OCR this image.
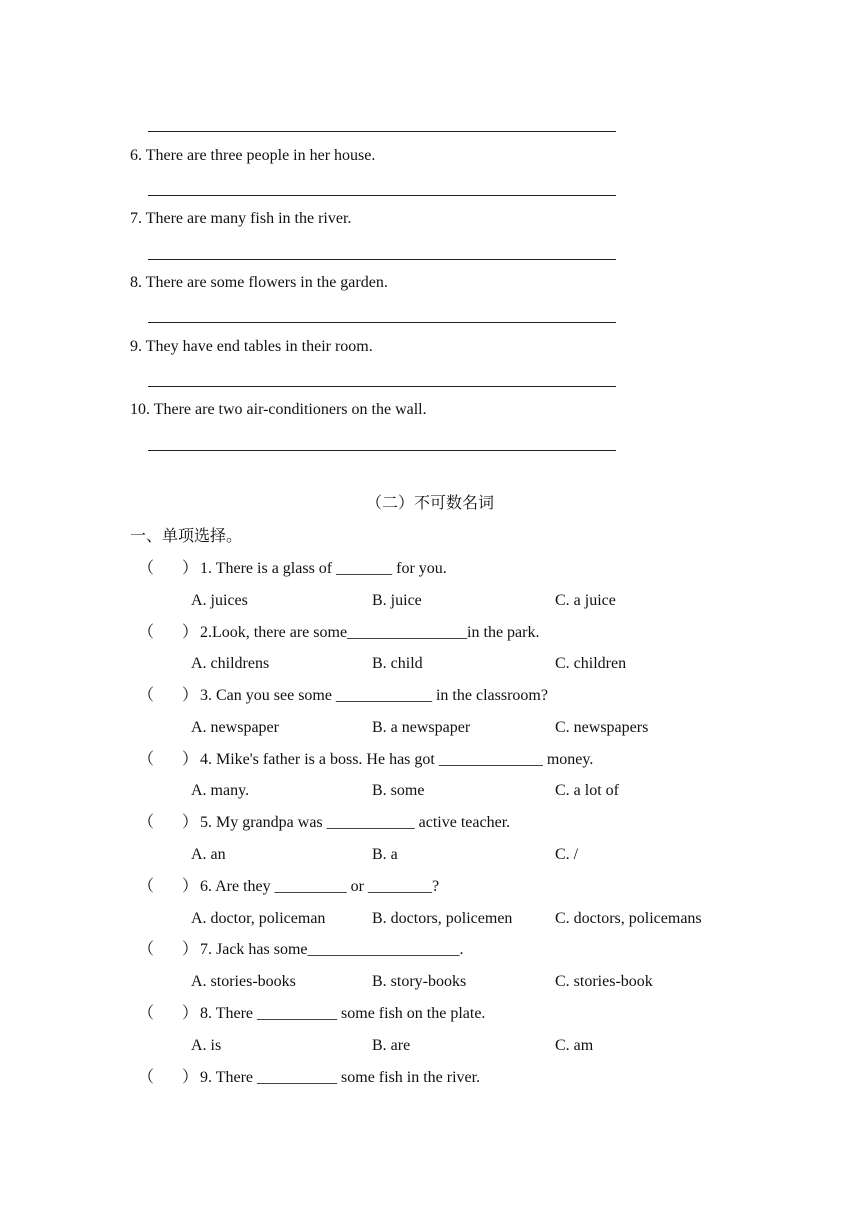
6. There are three people in her house.
7. There are many fish in the river.
8. There are some flowers in the garden.
9. They have end tables in their room.
10. There are two air-conditioners on the wall.
（二）不可数名词
一、单项选择。
（ ） 1. There is a glass of _______ for you.
A. juices	B. juice	C. a juice
（ ） 2.Look, there are some_______________in the park.
A. childrens	B. child	C. children
（ ） 3. Can you see some ____________ in the classroom?
A. newspaper	B. a newspaper	C. newspapers
（ ） 4. Mike's father is a boss. He has got _____________ money.
A. many.	B. some	C. a lot of
（ ） 5. My grandpa was ___________ active teacher.
A. an	B. a	C. /
（ ） 6. Are they _________ or ________?
A. doctor, policeman	B. doctors, policemen	C. doctors, policemans
（ ） 7. Jack has some___________________.
A. stories-books	B. story-books	C. stories-book
（ ） 8. There __________ some fish on the plate.
A. is	B. are	C. am
（ ） 9. There __________ some fish in the river.
